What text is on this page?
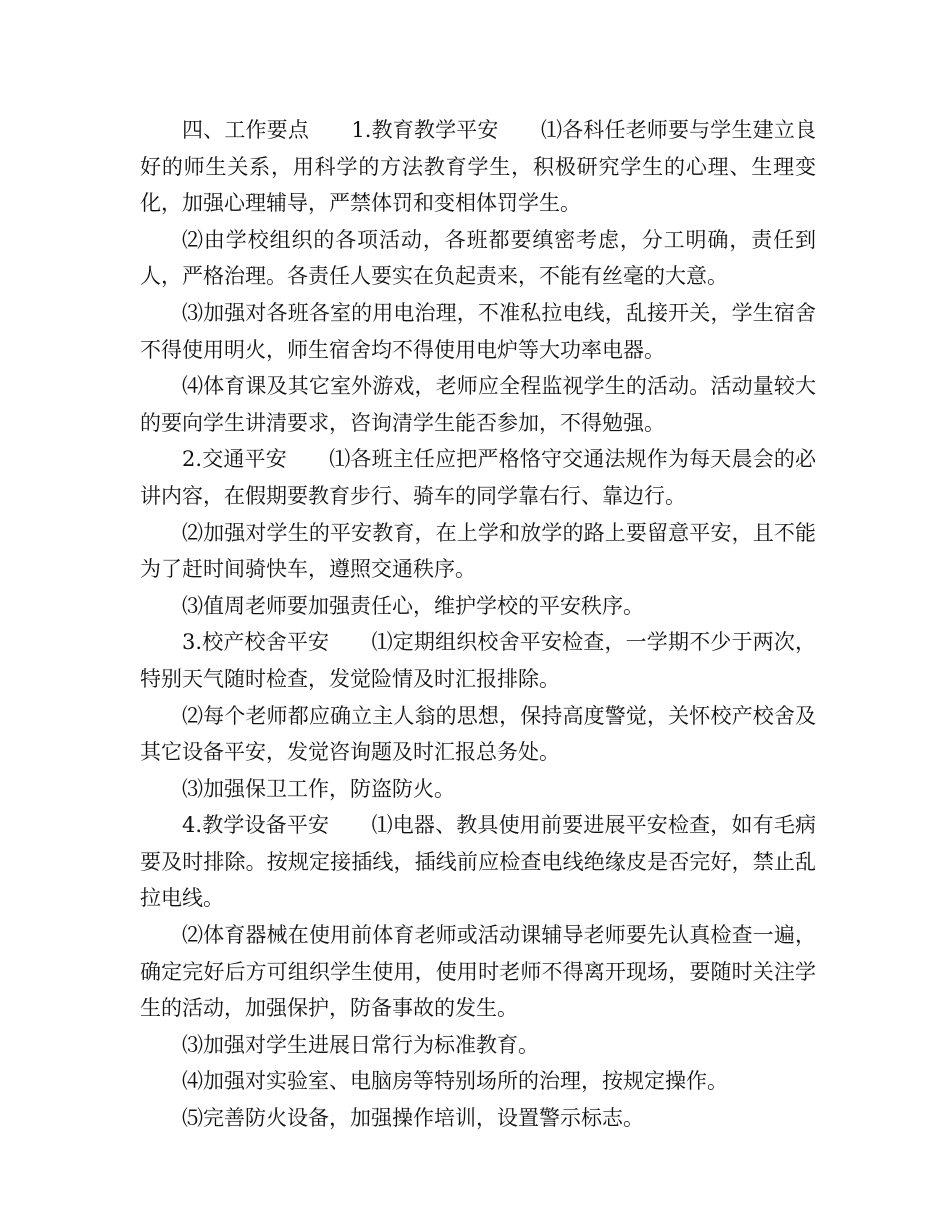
四、工作要点　　1.教育教学平安　　⑴各科任老师要与学生建立良好的师生关系，用科学的方法教育学生，积极研究学生的心理、生理变化，加强心理辅导，严禁体罚和变相体罚学生。

⑵由学校组织的各项活动，各班都要缜密考虑，分工明确，责任到人，严格治理。各责任人要实在负起责来，不能有丝毫的大意。

⑶加强对各班各室的用电治理，不准私拉电线，乱接开关，学生宿舍不得使用明火，师生宿舍均不得使用电炉等大功率电器。

⑷体育课及其它室外游戏，老师应全程监视学生的活动。活动量较大的要向学生讲清要求，咨询清学生能否参加，不得勉强。

2.交通平安　　⑴各班主任应把严格恪守交通法规作为每天晨会的必讲内容，在假期要教育步行、骑车的同学靠右行、靠边行。

⑵加强对学生的平安教育，在上学和放学的路上要留意平安，且不能为了赶时间骑快车，遵照交通秩序。

⑶值周老师要加强责任心，维护学校的平安秩序。

3.校产校舍平安　　⑴定期组织校舍平安检查，一学期不少于两次，特别天气随时检查，发觉险情及时汇报排除。

⑵每个老师都应确立主人翁的思想，保持高度警觉，关怀校产校舍及其它设备平安，发觉咨询题及时汇报总务处。

⑶加强保卫工作，防盗防火。

4.教学设备平安　　⑴电器、教具使用前要进展平安检查，如有毛病要及时排除。按规定接插线，插线前应检查电线绝缘皮是否完好，禁止乱拉电线。

⑵体育器械在使用前体育老师或活动课辅导老师要先认真检查一遍，确定完好后方可组织学生使用，使用时老师不得离开现场，要随时关注学生的活动，加强保护，防备事故的发生。

⑶加强对学生进展日常行为标准教育。

⑷加强对实验室、电脑房等特别场所的治理，按规定操作。

⑸完善防火设备，加强操作培训，设置警示标志。
